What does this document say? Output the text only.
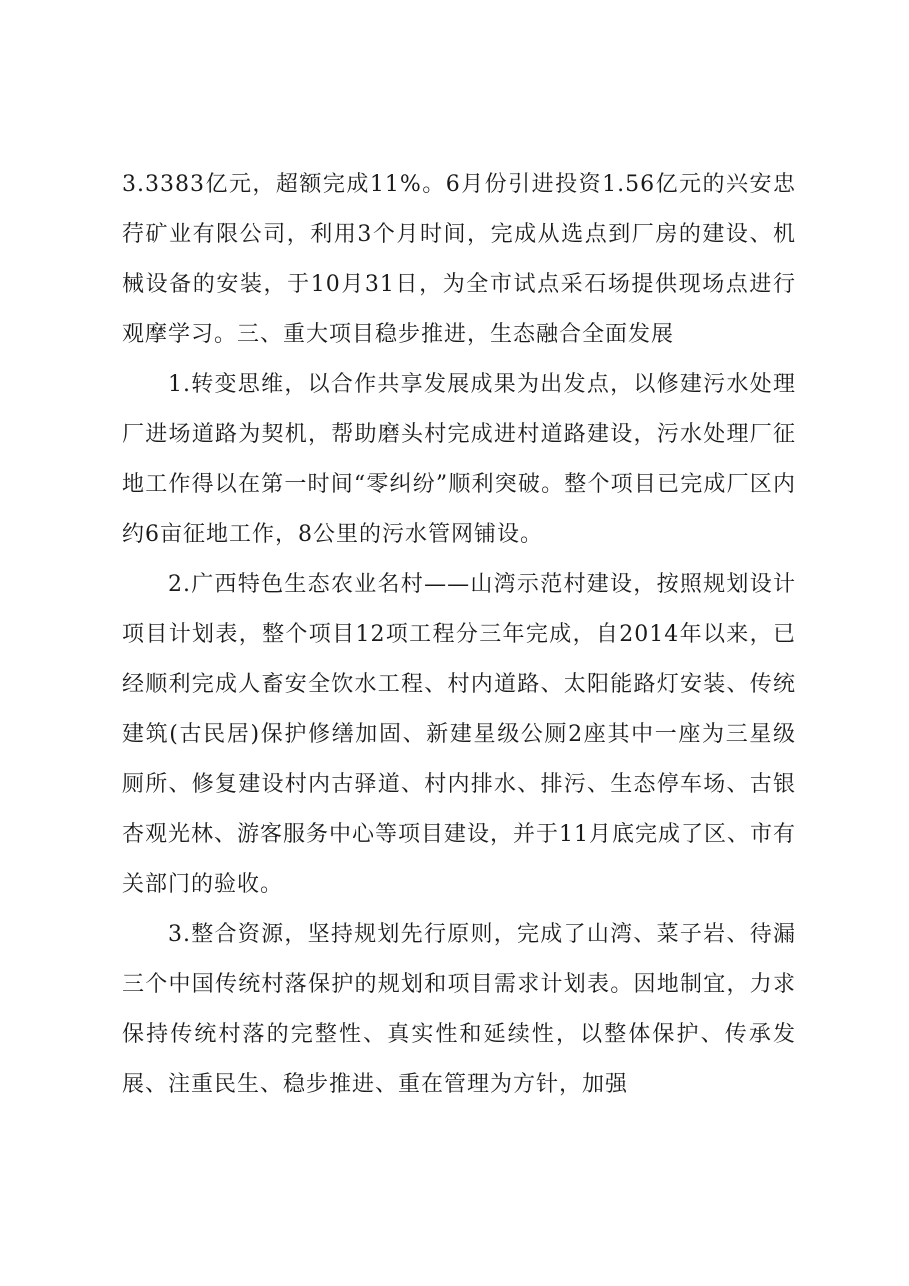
3.3383亿元，超额完成11%。6月份引进投资1.56亿元的兴安忠荇矿业有限公司，利用3个月时间，完成从选点到厂房的建设、机械设备的安装，于10月31日，为全市试点采石场提供现场点进行观摩学习。三、重大项目稳步推进，生态融合全面发展

1.转变思维，以合作共享发展成果为出发点，以修建污水处理厂进场道路为契机，帮助磨头村完成进村道路建设，污水处理厂征地工作得以在第一时间“零纠纷”顺利突破。整个项目已完成厂区内约6亩征地工作，8公里的污水管网铺设。

2.广西特色生态农业名村——山湾示范村建设，按照规划设计项目计划表，整个项目12项工程分三年完成，自2014年以来，已经顺利完成人畜安全饮水工程、村内道路、太阳能路灯安装、传统建筑(古民居)保护修缮加固、新建星级公厕2座其中一座为三星级厕所、修复建设村内古驿道、村内排水、排污、生态停车场、古银杏观光林、游客服务中心等项目建设，并于11月底完成了区、市有关部门的验收。

3.整合资源，坚持规划先行原则，完成了山湾、菜子岩、待漏三个中国传统村落保护的规划和项目需求计划表。因地制宜，力求保持传统村落的完整性、真实性和延续性，以整体保护、传承发展、注重民生、稳步推进、重在管理为方针，加强
